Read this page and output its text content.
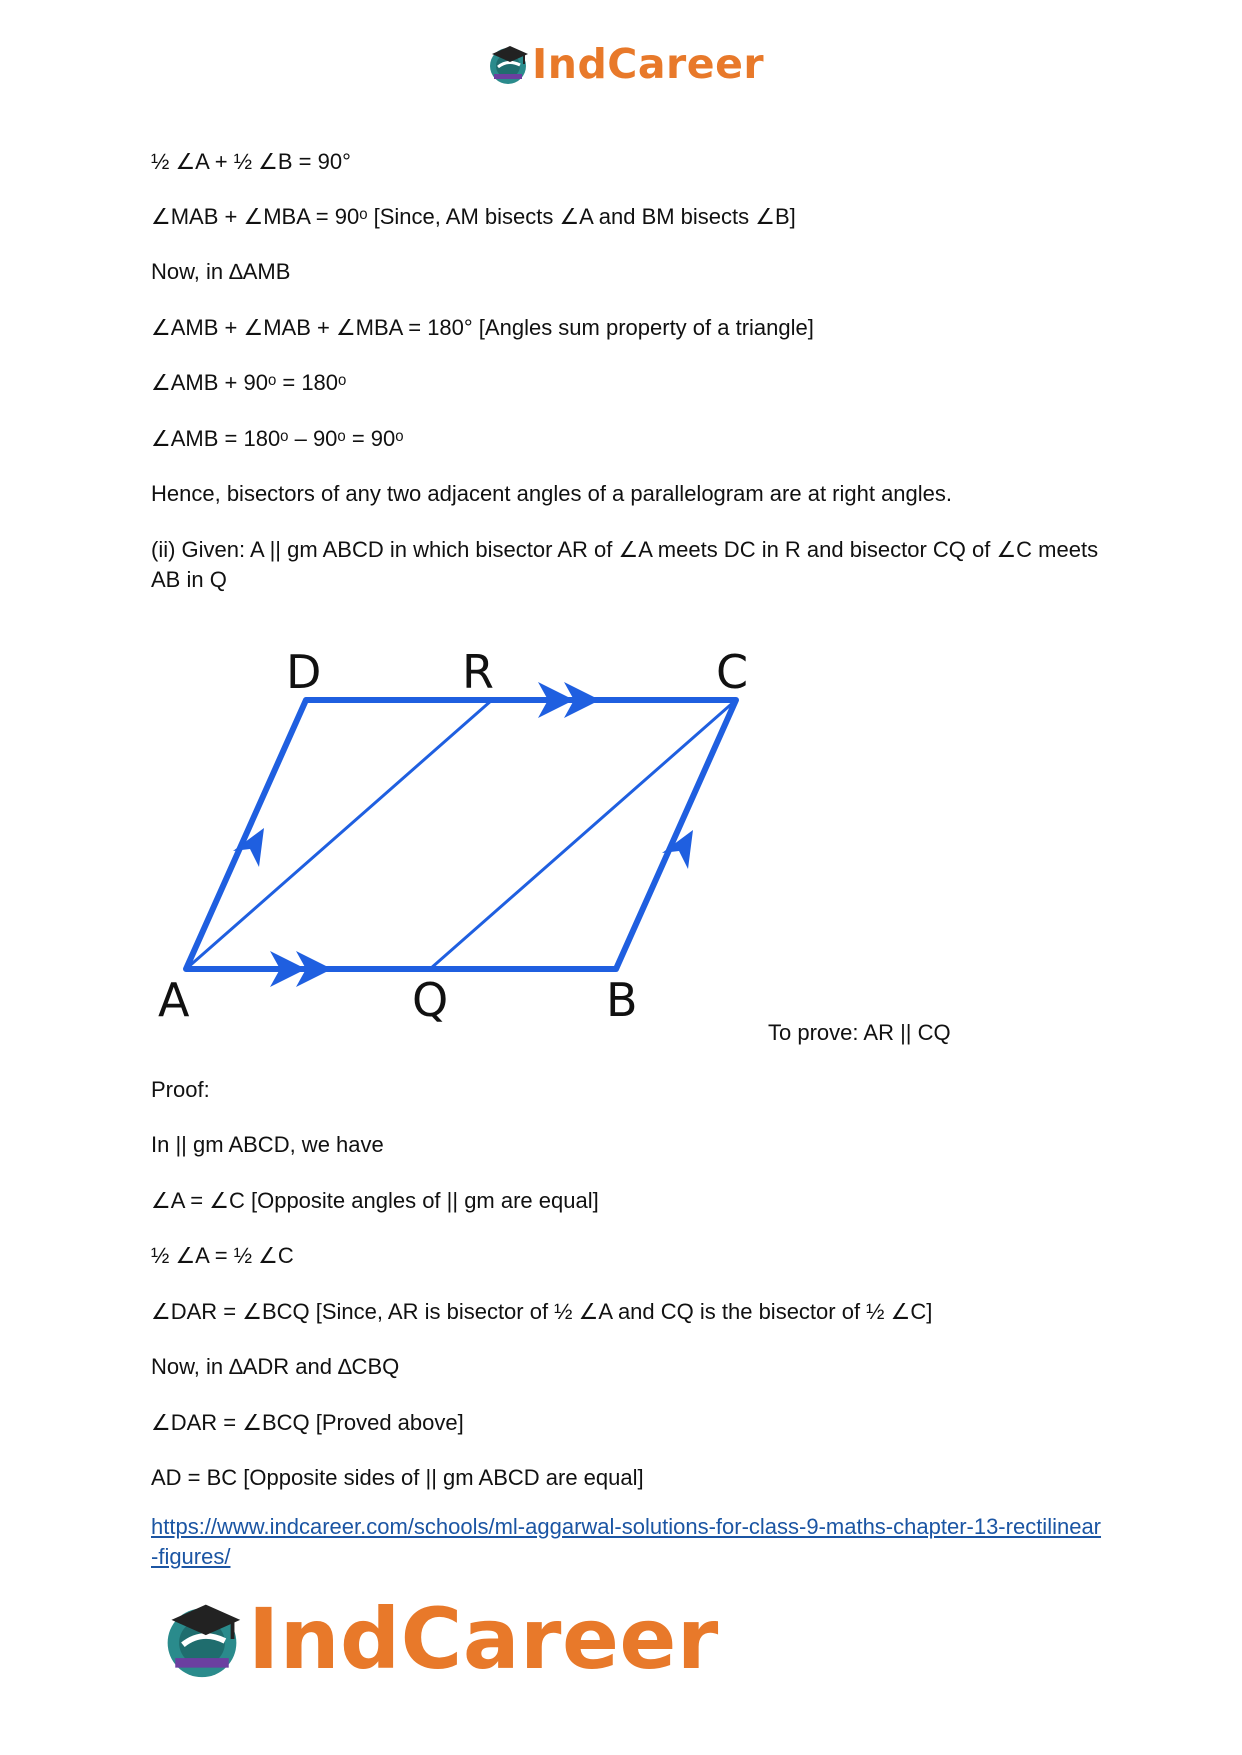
IndCareer
½ ∠A + ½ ∠B = 90°
∠MAB + ∠MBA = 90ᵒ [Since, AM bisects ∠A and BM bisects ∠B]
Now, in ∆AMB
∠AMB + ∠MAB + ∠MBA = 180° [Angles sum property of a triangle]
∠AMB + 90ᵒ = 180ᵒ
∠AMB = 180ᵒ – 90ᵒ = 90ᵒ
Hence, bisectors of any two adjacent angles of a parallelogram are at right angles.
(ii) Given: A || gm ABCD in which bisector AR of ∠A meets DC in R and bisector CQ of ∠C meets AB in Q
D	R	C
A	Q	B
To prove: AR || CQ
Proof:
In || gm ABCD, we have
∠A = ∠C [Opposite angles of || gm are equal]
½ ∠A = ½ ∠C
∠DAR = ∠BCQ [Since, AR is bisector of ½ ∠A and CQ is the bisector of ½ ∠C]
Now, in ∆ADR and ∆CBQ
∠DAR = ∠BCQ [Proved above]
AD = BC [Opposite sides of || gm ABCD are equal]
https://www.indcareer.com/schools/ml-aggarwal-solutions-for-class-9-maths-chapter-13-rectilinear-figures/
IndCareer
